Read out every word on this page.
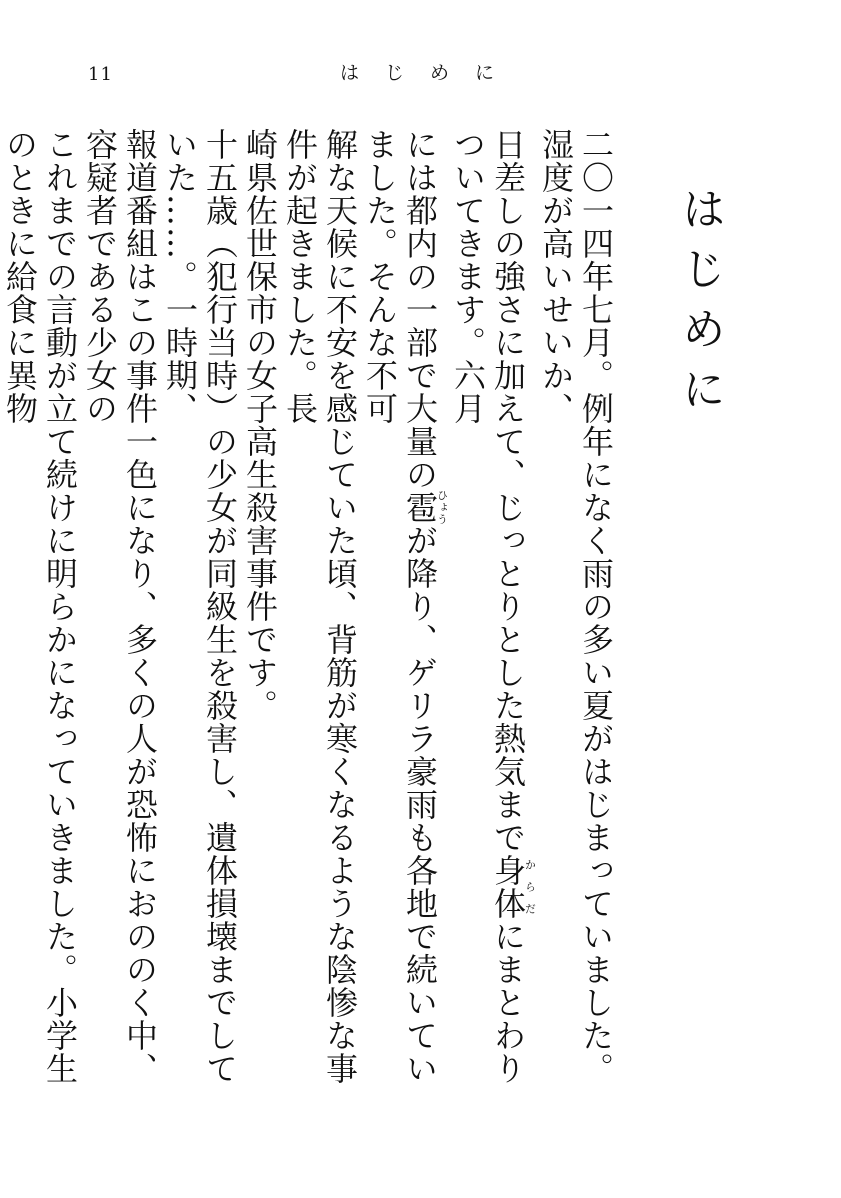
11	はじめに
はじめに
二〇一四年七月。例年になく雨の多い夏がはじまっていました。湿度が高いせいか、
日差しの強さに加えて、じっとりとした熱気まで身体からだにまとわりついてきます。六月
には都内の一部で大量の雹ひょうが降り、ゲリラ豪雨も各地で続いていました。そんな不可
解な天候に不安を感じていた頃、背筋が寒くなるような陰惨な事件が起きました。長
崎県佐世保市の女子高生殺害事件です。
十五歳（犯行当時）の少女が同級生を殺害し、遺体損壊までしていた……。一時期、
報道番組はこの事件一色になり、多くの人が恐怖におののく中、容疑者である少女の
これまでの言動が立て続けに明らかになっていきました。小学生のときに給食に異物
